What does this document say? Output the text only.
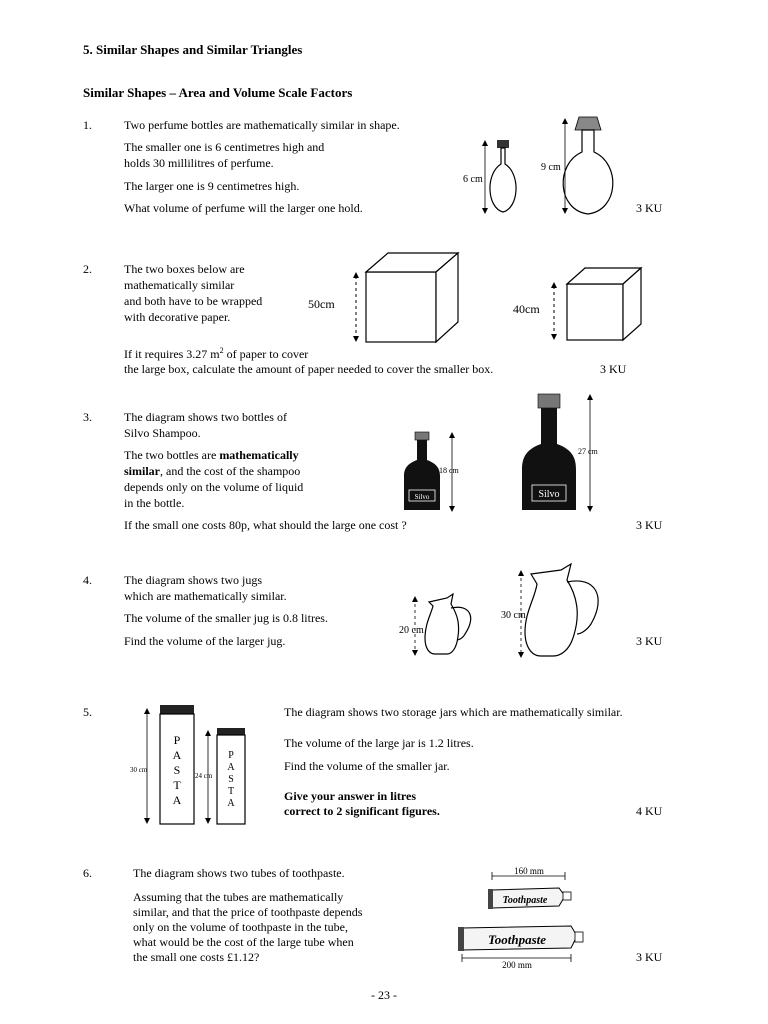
5. Similar Shapes and Similar Triangles
Similar Shapes – Area and Volume Scale Factors
1.	Two perfume bottles are mathematically similar in shape.
The smaller one is 6 centimetres high and
holds 30 millilitres of perfume.
The larger one is 9 centimetres high.
What volume of perfume will the larger one hold.	3 KU
6 cm
9 cm
2.	The two boxes below are
mathematically similar
and both have to be wrapped
with decorative paper.
If it requires 3.27 $m^2$ of paper to cover
the large box, calculate the amount of paper needed to cover the smaller box.	3 KU
50cm	40cm
3.	The diagram shows two bottles of
Silvo Shampoo.
The two bottles are mathematically
similar, and the cost of the shampoo
depends only on the volume of liquid
in the bottle.
If the small one costs 80p, what should the large one cost ?	3 KU
Silvo
18 cm
Silvo
27 cm
4.	The diagram shows two jugs
which are mathematically similar.
The volume of the smaller jug is 0.8 litres.
Find the volume of the larger jug.	3 KU
20 cm
30 cm
5.	The diagram shows two storage jars which are mathematically similar.
The volume of the large jar is 1.2 litres.
Find the volume of the smaller jar.
Give your answer in litres
correct to 2 significant figures.	4 KU
30 cm
P
A
S
T
A
24 cm
P
A
S
T
A
6.	The diagram shows two tubes of toothpaste.
Assuming that the tubes are mathematically
similar, and that the price of toothpaste depends
only on the volume of toothpaste in the tube,
what would be the cost of the large tube when
the small one costs £1.12?	3 KU
160 mm
Toothpaste
Toothpaste
200 mm
- 23 -
